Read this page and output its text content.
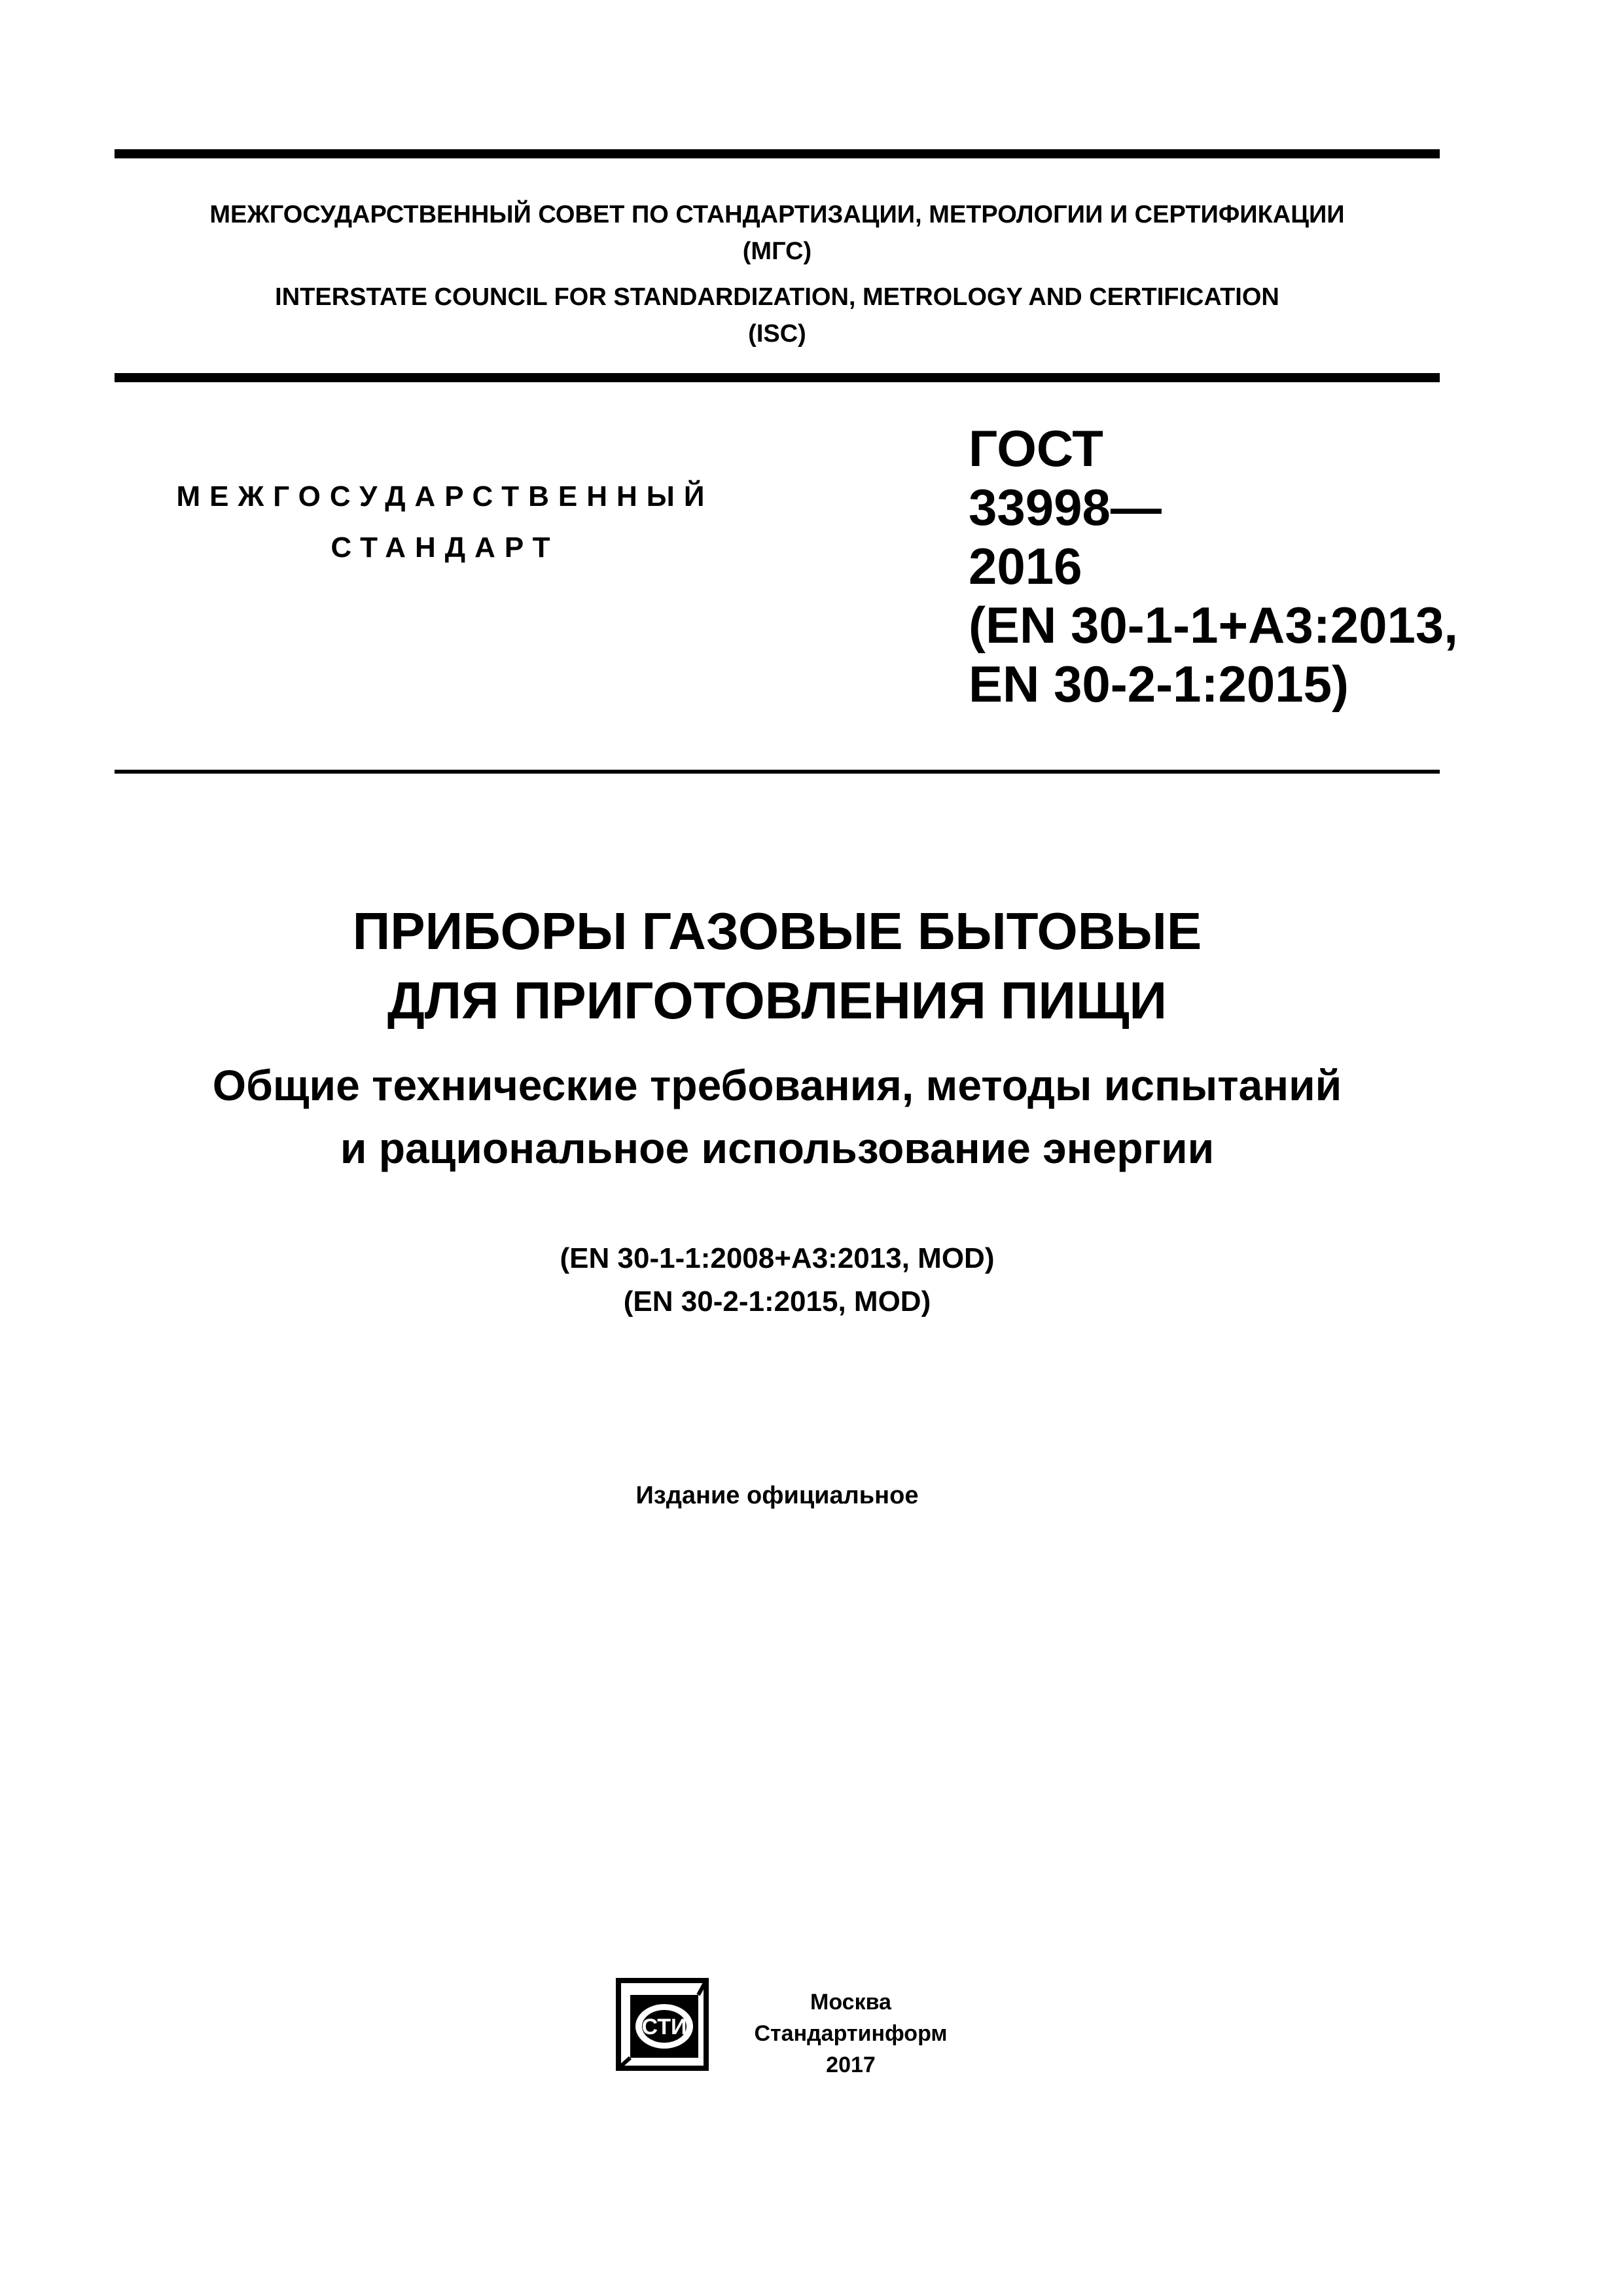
МЕЖГОСУДАРСТВЕННЫЙ СОВЕТ ПО СТАНДАРТИЗАЦИИ, МЕТРОЛОГИИ И СЕРТИФИКАЦИИ
(МГС)
INTERSTATE COUNCIL FOR STANDARDIZATION, METROLOGY AND CERTIFICATION
(ISC)
МЕЖГОСУДАРСТВЕННЫЙ
СТАНДАРТ
ГОСТ
33998—
2016
(EN 30-1-1+A3:2013,
EN 30-2-1:2015)
ПРИБОРЫ ГАЗОВЫЕ БЫТОВЫЕ
ДЛЯ ПРИГОТОВЛЕНИЯ ПИЩИ
Общие технические требования, методы испытаний
и рациональное использование энергии
(EN 30-1-1:2008+A3:2013, MOD)
(EN 30-2-1:2015, MOD)
Издание официальное
СТИ
Москва
Стандартинформ
2017
